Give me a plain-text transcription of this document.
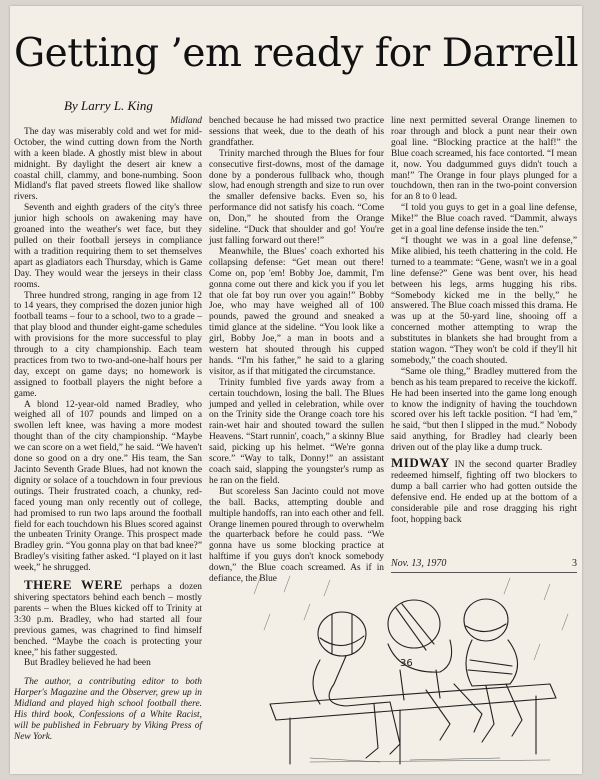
Getting ’em ready for Darrell
By Larry L. King

Midland

The day was miserably cold and wet for mid-October, the wind cutting down from the North with a keen blade. A ghostly mist blew in about midnight. By daylight the desert air knew a coastal chill, clammy, and bone-numbing. Soon Midland's flat paved streets flowed like shallow rivers.

Seventh and eighth graders of the city's three junior high schools on awakening may have groaned into the weather's wet face, but they pulled on their football jerseys in compliance with a tradition requiring them to set themselves apart as gladiators each Thursday, which is Game Day. They would wear the jerseys in their class rooms.

Three hundred strong, ranging in age from 12 to 14 years, they comprised the dozen junior high football teams – four to a school, two to a grade – that play blood and thunder eight-game schedules with provisions for the more successful to play through to a city championship. Each team practices from two to two-and-one-half hours per day, except on game days; no homework is assigned to football players the night before a game.

A blond 12-year-old named Bradley, who weighed all of 107 pounds and limped on a swollen left knee, was having a more modest thought than of the city championship. “Maybe we can score on a wet field,” he said. “We haven't done so good on a dry one.” His team, the San Jacinto Seventh Grade Blues, had not known the dignity or solace of a touchdown in four previous outings. Their frustrated coach, a chunky, red-faced young man only recently out of college, had promised to run two laps around the football field for each touchdown his Blues scored against the unbeaten Trinity Orange. This prospect made Bradley grin. “You gonna play on that bad knee?” Bradley's visiting father asked. “I played on it last week,” he shrugged.

THERE WERE perhaps a dozen shivering spectators behind each bench – mostly parents – when the Blues kicked off to Trinity at 3:30 p.m. Bradley, who had started all four previous games, was chagrined to find himself benched. “Maybe the coach is protecting your knee,” his father suggested.

But Bradley believed he had been

The author, a contributing editor to both Harper's Magazine and the Observer, grew up in Midland and played high school football there. His third book, Confessions of a White Racist, will be published in February by Viking Press of New York.

benched because he had missed two practice sessions that week, due to the death of his grandfather.

Trinity marched through the Blues for four consecutive first-downs, most of the damage done by a ponderous fullback who, though slow, had enough strength and size to run over the smaller defensive backs. Even so, his performance did not satisfy his coach. “Come on, Don,” he shouted from the Orange sideline. “Duck that shoulder and go! You're just falling forward out there!”

Meanwhile, the Blues' coach exhorted his collapsing defense: “Get mean out there! Come on, pop 'em! Bobby Joe, dammit, I'm gonna come out there and kick you if you let that ole fat boy run over you again!” Bobby Joe, who may have weighed all of 100 pounds, pawed the ground and sneaked a timid glance at the sideline. “You look like a girl, Bobby Joe,” a man in boots and a western hat shouted through his cupped hands. “I'm his father,” he said to a glaring visitor, as if that mitigated the circumstance.

Trinity fumbled five yards away from a certain touchdown, losing the ball. The Blues jumped and yelled in celebration, while over on the Trinity side the Orange coach tore his rain-wet hair and shouted toward the sullen Heavens. “Start runnin', coach,” a skinny Blue said, picking up his helmet. “We're gonna score.” “Way to talk, Donny!” an assistant coach said, slapping the youngster's rump as he ran on the field.

But scoreless San Jacinto could not move the ball. Backs, attempting double and multiple handoffs, ran into each other and fell. Orange linemen poured through to overwhelm the quarterback before he could pass. “We gonna have us some blocking practice at halftime if you guys don't knock somebody down,” the Blue coach screamed. As if in defiance, the Blue

line next permitted several Orange linemen to roar through and block a punt near their own goal line. “Blocking practice at the half!” the Blue coach screamed, his face contorted. “I mean it, now. You dadgummed guys didn't touch a man!” The Orange in four plays plunged for a touchdown, then ran in the two-point conversion for an 8 to 0 lead.

“I told you guys to get in a goal line defense, Mike!” the Blue coach raved. “Dammit, always get in a goal line defense inside the ten.”

“I thought we was in a goal line defense,” Mike alibied, his teeth chattering in the cold. He turned to a teammate: “Gene, wasn't we in a goal line defense?” Gene was bent over, his head between his legs, arms hugging his ribs. “Somebody kicked me in the belly,” he answered. The Blue coach missed this drama. He was up at the 50-yard line, shooing off a concerned mother attempting to wrap the substitutes in blankets she had brought from a station wagon. “They won't be cold if they'll hit somebody,” the coach shouted.

“Same ole thing,” Bradley muttered from the bench as his team prepared to receive the kickoff. He had been inserted into the game long enough to know the indignity of having the touchdown scored over his left tackle position. “I had 'em,” he said, “but then I slipped in the mud.” Nobody said anything, for Bradley had clearly been driven out of the play like a dump truck.

MIDWAY IN the second quarter Bradley redeemed himself, fighting off two blockers to dump a ball carrier who had gotten outside the defensive end. He ended up at the bottom of a considerable pile and rose dragging his right foot, hopping back

Nov. 13, 1970	3
36
